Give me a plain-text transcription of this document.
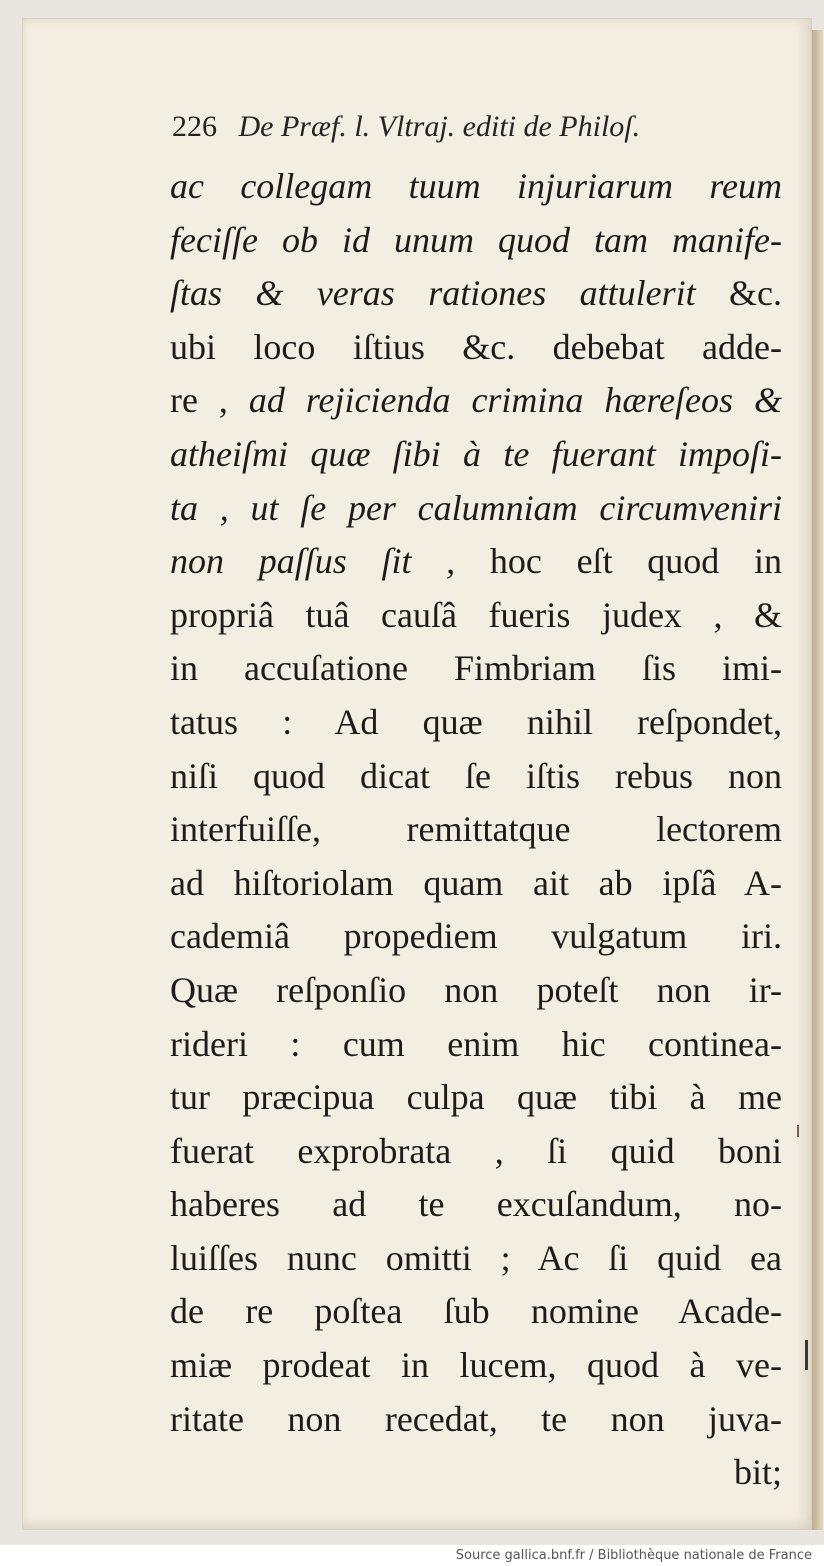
226 De Præf. l. Vltraj. editi de Philoſ.
ac collegam tuum injuriarum reum
feciſſe ob id unum quod tam manife-
ſtas & veras rationes attulerit &c.
ubi loco iſtius &c. debebat adde-
re , ad rejicienda crimina hæreſeos &
atheiſmi quæ ſibi à te fuerant impoſi-
ta , ut ſe per calumniam circumveniri
non paſſus ſit , hoc eſt quod in
propriâ tuâ cauſâ fueris judex , &
in accuſatione Fimbriam ſis imi-
tatus : Ad quæ nihil reſpondet,
niſi quod dicat ſe iſtis rebus non
interfuiſſe, remittatque lectorem
ad hiſtoriolam quam ait ab ipſâ A-
cademiâ propediem vulgatum iri.
Quæ reſponſio non poteſt non ir-
rideri : cum enim hic continea-
tur præcipua culpa quæ tibi à me
fuerat exprobrata , ſi quid boni
haberes ad te excuſandum, no-
luiſſes nunc omitti ; Ac ſi quid ea
de re poſtea ſub nomine Acade-
miæ prodeat in lucem, quod à ve-
ritate non recedat, te non juva-
bit;
Source gallica.bnf.fr / Bibliothèque nationale de France
